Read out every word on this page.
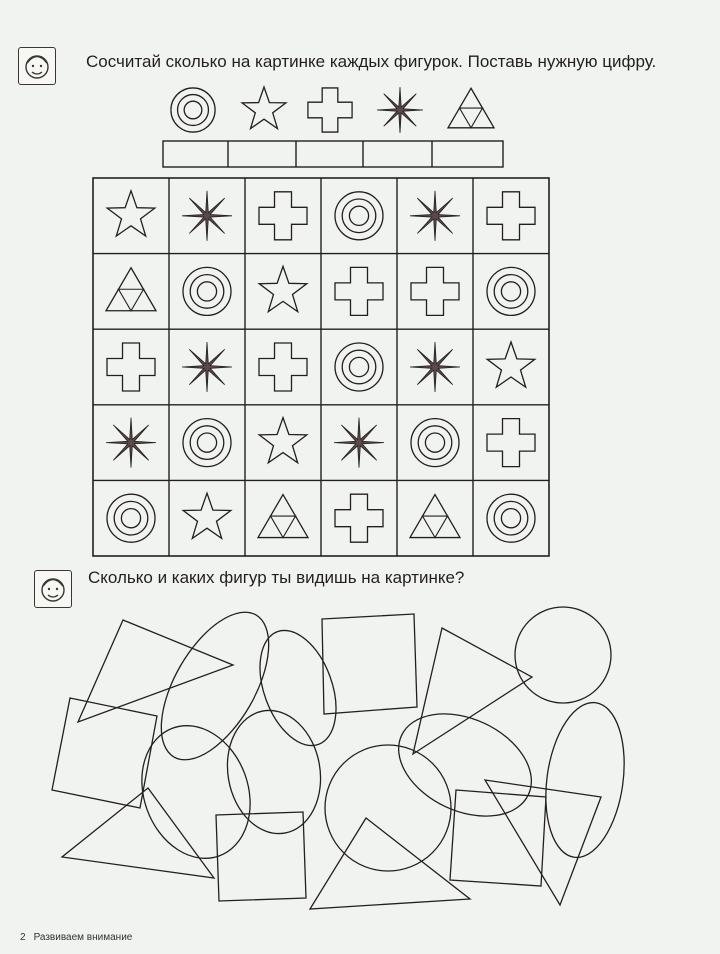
Сосчитай сколько на картинке каждых фигурок. Поставь нужную цифру.
Сколько и каких фигур ты видишь на картинке?
2 Развиваем внимание
